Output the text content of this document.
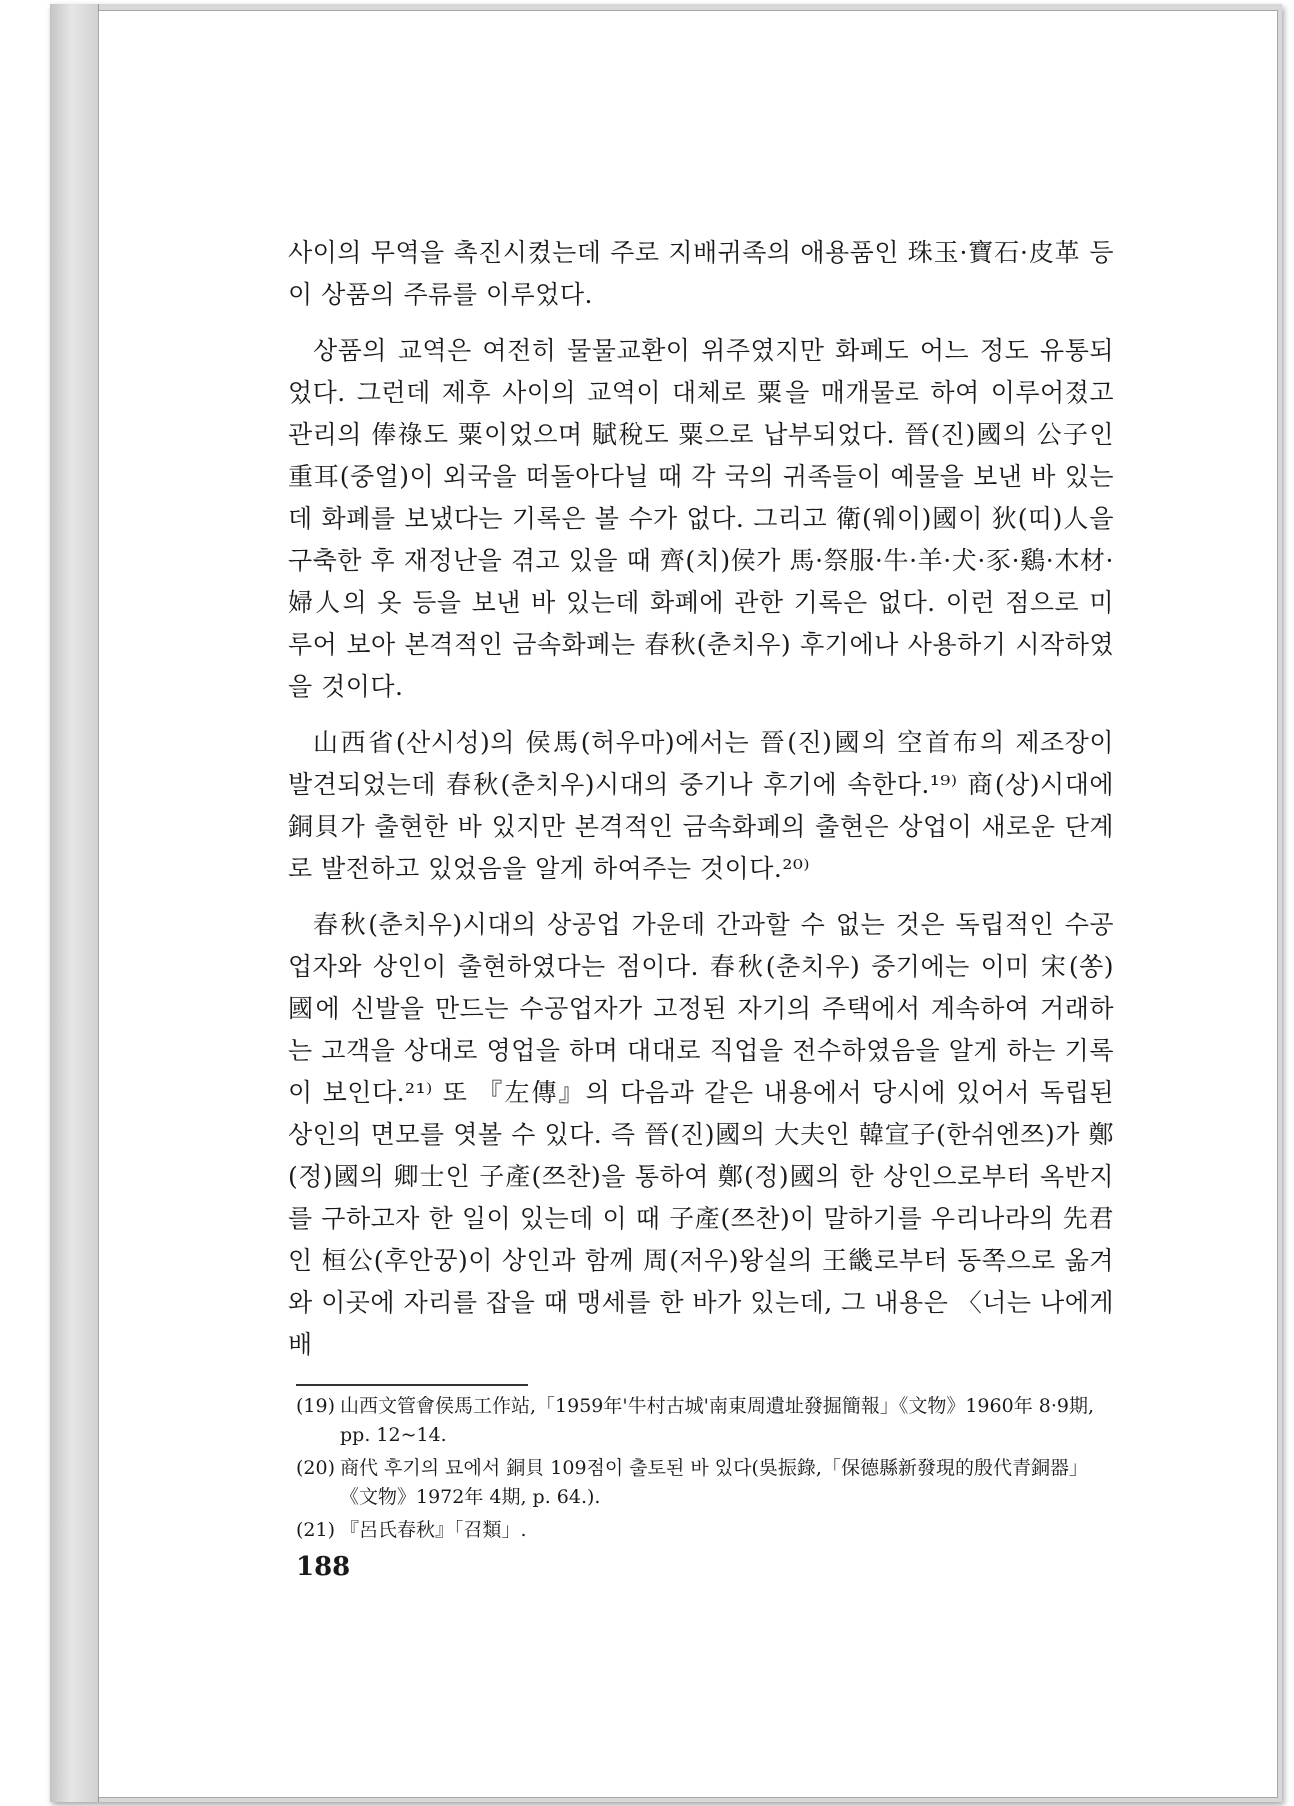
사이의 무역을 촉진시켰는데 주로 지배귀족의 애용품인 珠玉·寶石·皮革 등이 상품의 주류를 이루었다.

상품의 교역은 여전히 물물교환이 위주였지만 화폐도 어느 정도 유통되었다. 그런데 제후 사이의 교역이 대체로 粟을 매개물로 하여 이루어졌고 관리의 俸祿도 粟이었으며 賦稅도 粟으로 납부되었다. 晉(진)國의 公子인 重耳(중얼)이 외국을 떠돌아다닐 때 각 국의 귀족들이 예물을 보낸 바 있는데 화폐를 보냈다는 기록은 볼 수가 없다. 그리고 衛(웨이)國이 狄(띠)人을 구축한 후 재정난을 겪고 있을 때 齊(치)侯가 馬·祭服·牛·羊·犬·豕·鷄·木材·婦人의 옷 등을 보낸 바 있는데 화폐에 관한 기록은 없다. 이런 점으로 미루어 보아 본격적인 금속화폐는 春秋(춘치우) 후기에나 사용하기 시작하였을 것이다.

山西省(산시성)의 侯馬(허우마)에서는 晉(진)國의 空首布의 제조장이 발견되었는데 春秋(춘치우)시대의 중기나 후기에 속한다.¹⁹⁾ 商(상)시대에 銅貝가 출현한 바 있지만 본격적인 금속화폐의 출현은 상업이 새로운 단계로 발전하고 있었음을 알게 하여주는 것이다.²⁰⁾

春秋(춘치우)시대의 상공업 가운데 간과할 수 없는 것은 독립적인 수공업자와 상인이 출현하였다는 점이다. 春秋(춘치우) 중기에는 이미 宋(쏭)國에 신발을 만드는 수공업자가 고정된 자기의 주택에서 계속하여 거래하는 고객을 상대로 영업을 하며 대대로 직업을 전수하였음을 알게 하는 기록이 보인다.²¹⁾ 또 『左傳』의 다음과 같은 내용에서 당시에 있어서 독립된 상인의 면모를 엿볼 수 있다. 즉 晉(진)國의 大夫인 韓宣子(한쉬엔쯔)가 鄭(정)國의 卿士인 子產(쯔찬)을 통하여 鄭(정)國의 한 상인으로부터 옥반지를 구하고자 한 일이 있는데 이 때 子產(쯔찬)이 말하기를 우리나라의 先君인 桓公(후안꿍)이 상인과 함께 周(저우)왕실의 王畿로부터 동쪽으로 옮겨와 이곳에 자리를 잡을 때 맹세를 한 바가 있는데, 그 내용은 〈너는 나에게 배

(19) 山西文管會侯馬工作站,「1959年'牛村古城'南東周遺址發掘簡報」《文物》1960年 8·9期, pp. 12~14.
(20) 商代 후기의 묘에서 銅貝 109점이 출토된 바 있다(吳振錄,「保德縣新發現的殷代青銅器」《文物》1972年 4期, p. 64.).
(21) 『呂氏春秋』「召類」.
188
